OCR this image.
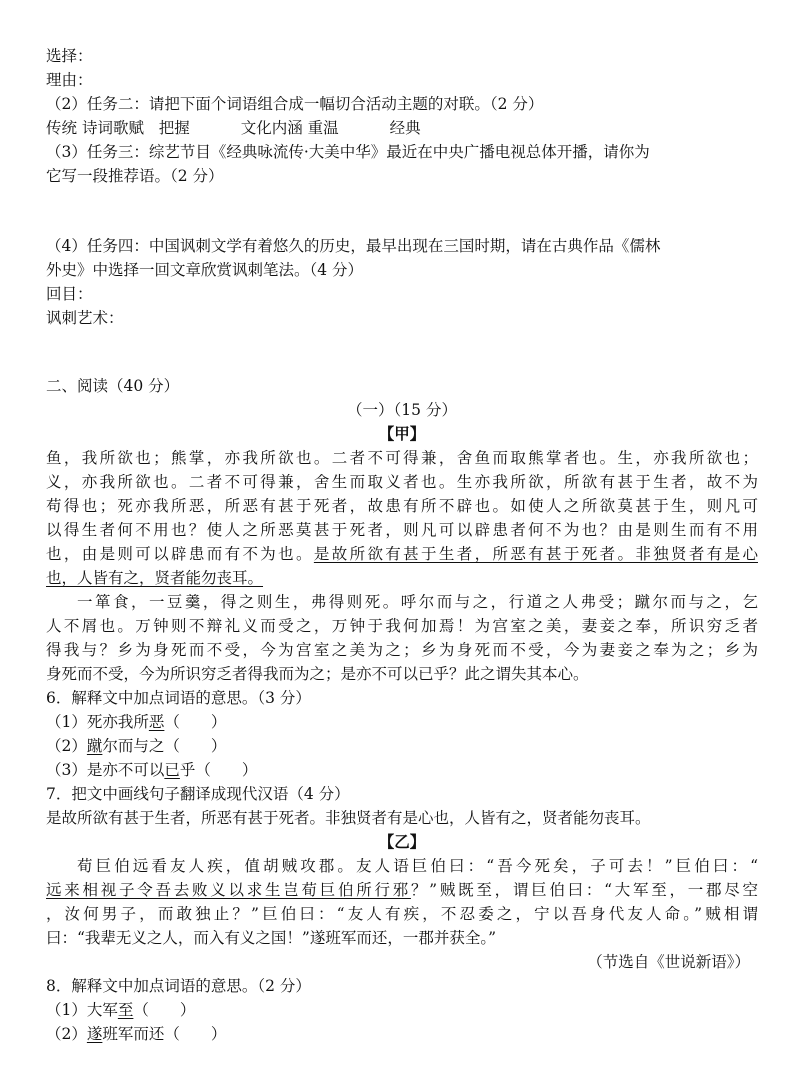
选择：
理由：
（2）任务二：请把下面个词语组合成一幅切合活动主题的对联。（2 分）
传统 诗词歌赋 把握	文化内涵 重温	经典
（3）任务三：综艺节目《经典咏流传·大美中华》最近在中央广播电视总体开播，请你为
它写一段推荐语。（2 分）
（4）任务四：中国讽刺文学有着悠久的历史，最早出现在三国时期，请在古典作品《儒林
外史》中选择一回文章欣赏讽刺笔法。（4 分）
回目：
讽刺艺术：
二、阅读（40 分）
（一）（15 分）
【甲】
鱼，我所欲也；熊掌，亦我所欲也。二者不可得兼，舍鱼而取熊掌者也。生，亦我所欲也；
义，亦我所欲也。二者不可得兼，舍生而取义者也。生亦我所欲，所欲有甚于生者，故不为
苟得也；死亦我所恶，所恶有甚于死者，故患有所不辟也。如使人之所欲莫甚于生，则凡可
以得生者何不用也？使人之所恶莫甚于死者，则凡可以辟患者何不为也？由是则生而有不用
也，由是则可以辟患而有不为也。是故所欲有甚于生者，所恶有甚于死者。非独贤者有是心
也，人皆有之，贤者能勿丧耳。
一箪食，一豆羹，得之则生，弗得则死。呼尔而与之，行道之人弗受；蹴尔而与之，乞
人不屑也。万钟则不辩礼义而受之，万钟于我何加焉！为宫室之美，妻妾之奉，所识穷乏者
得我与？乡为身死而不受，今为宫室之美为之；乡为身死而不受，今为妻妾之奉为之；乡为
身死而不受，今为所识穷乏者得我而为之；是亦不可以已乎？此之谓失其本心。
6．解释文中加点词语的意思。（3 分）
（1）死亦我所恶（　　）
（2）蹴尔而与之（　　）
（3）是亦不可以已乎（　　）
7．把文中画线句子翻译成现代汉语（4 分）
是故所欲有甚于生者，所恶有甚于死者。非独贤者有是心也，人皆有之，贤者能勿丧耳。
【乙】
荀巨伯远看友人疾，值胡贼攻郡。友人语巨伯曰：“吾今死矣，子可去！”巨伯曰：“
远来相视子令吾去败义以求生岂荀巨伯所行邪？”贼既至，谓巨伯曰：“大军至，一郡尽空
，汝何男子，而敢独止？”巨伯曰：“友人有疾，不忍委之，宁以吾身代友人命。”贼相谓
曰：“我辈无义之人，而入有义之国！”遂班军而还，一郡并获全。”
（节选自《世说新语》）
8．解释文中加点词语的意思。（2 分）
（1）大军至（　　）
（2）遂班军而还（　　）
